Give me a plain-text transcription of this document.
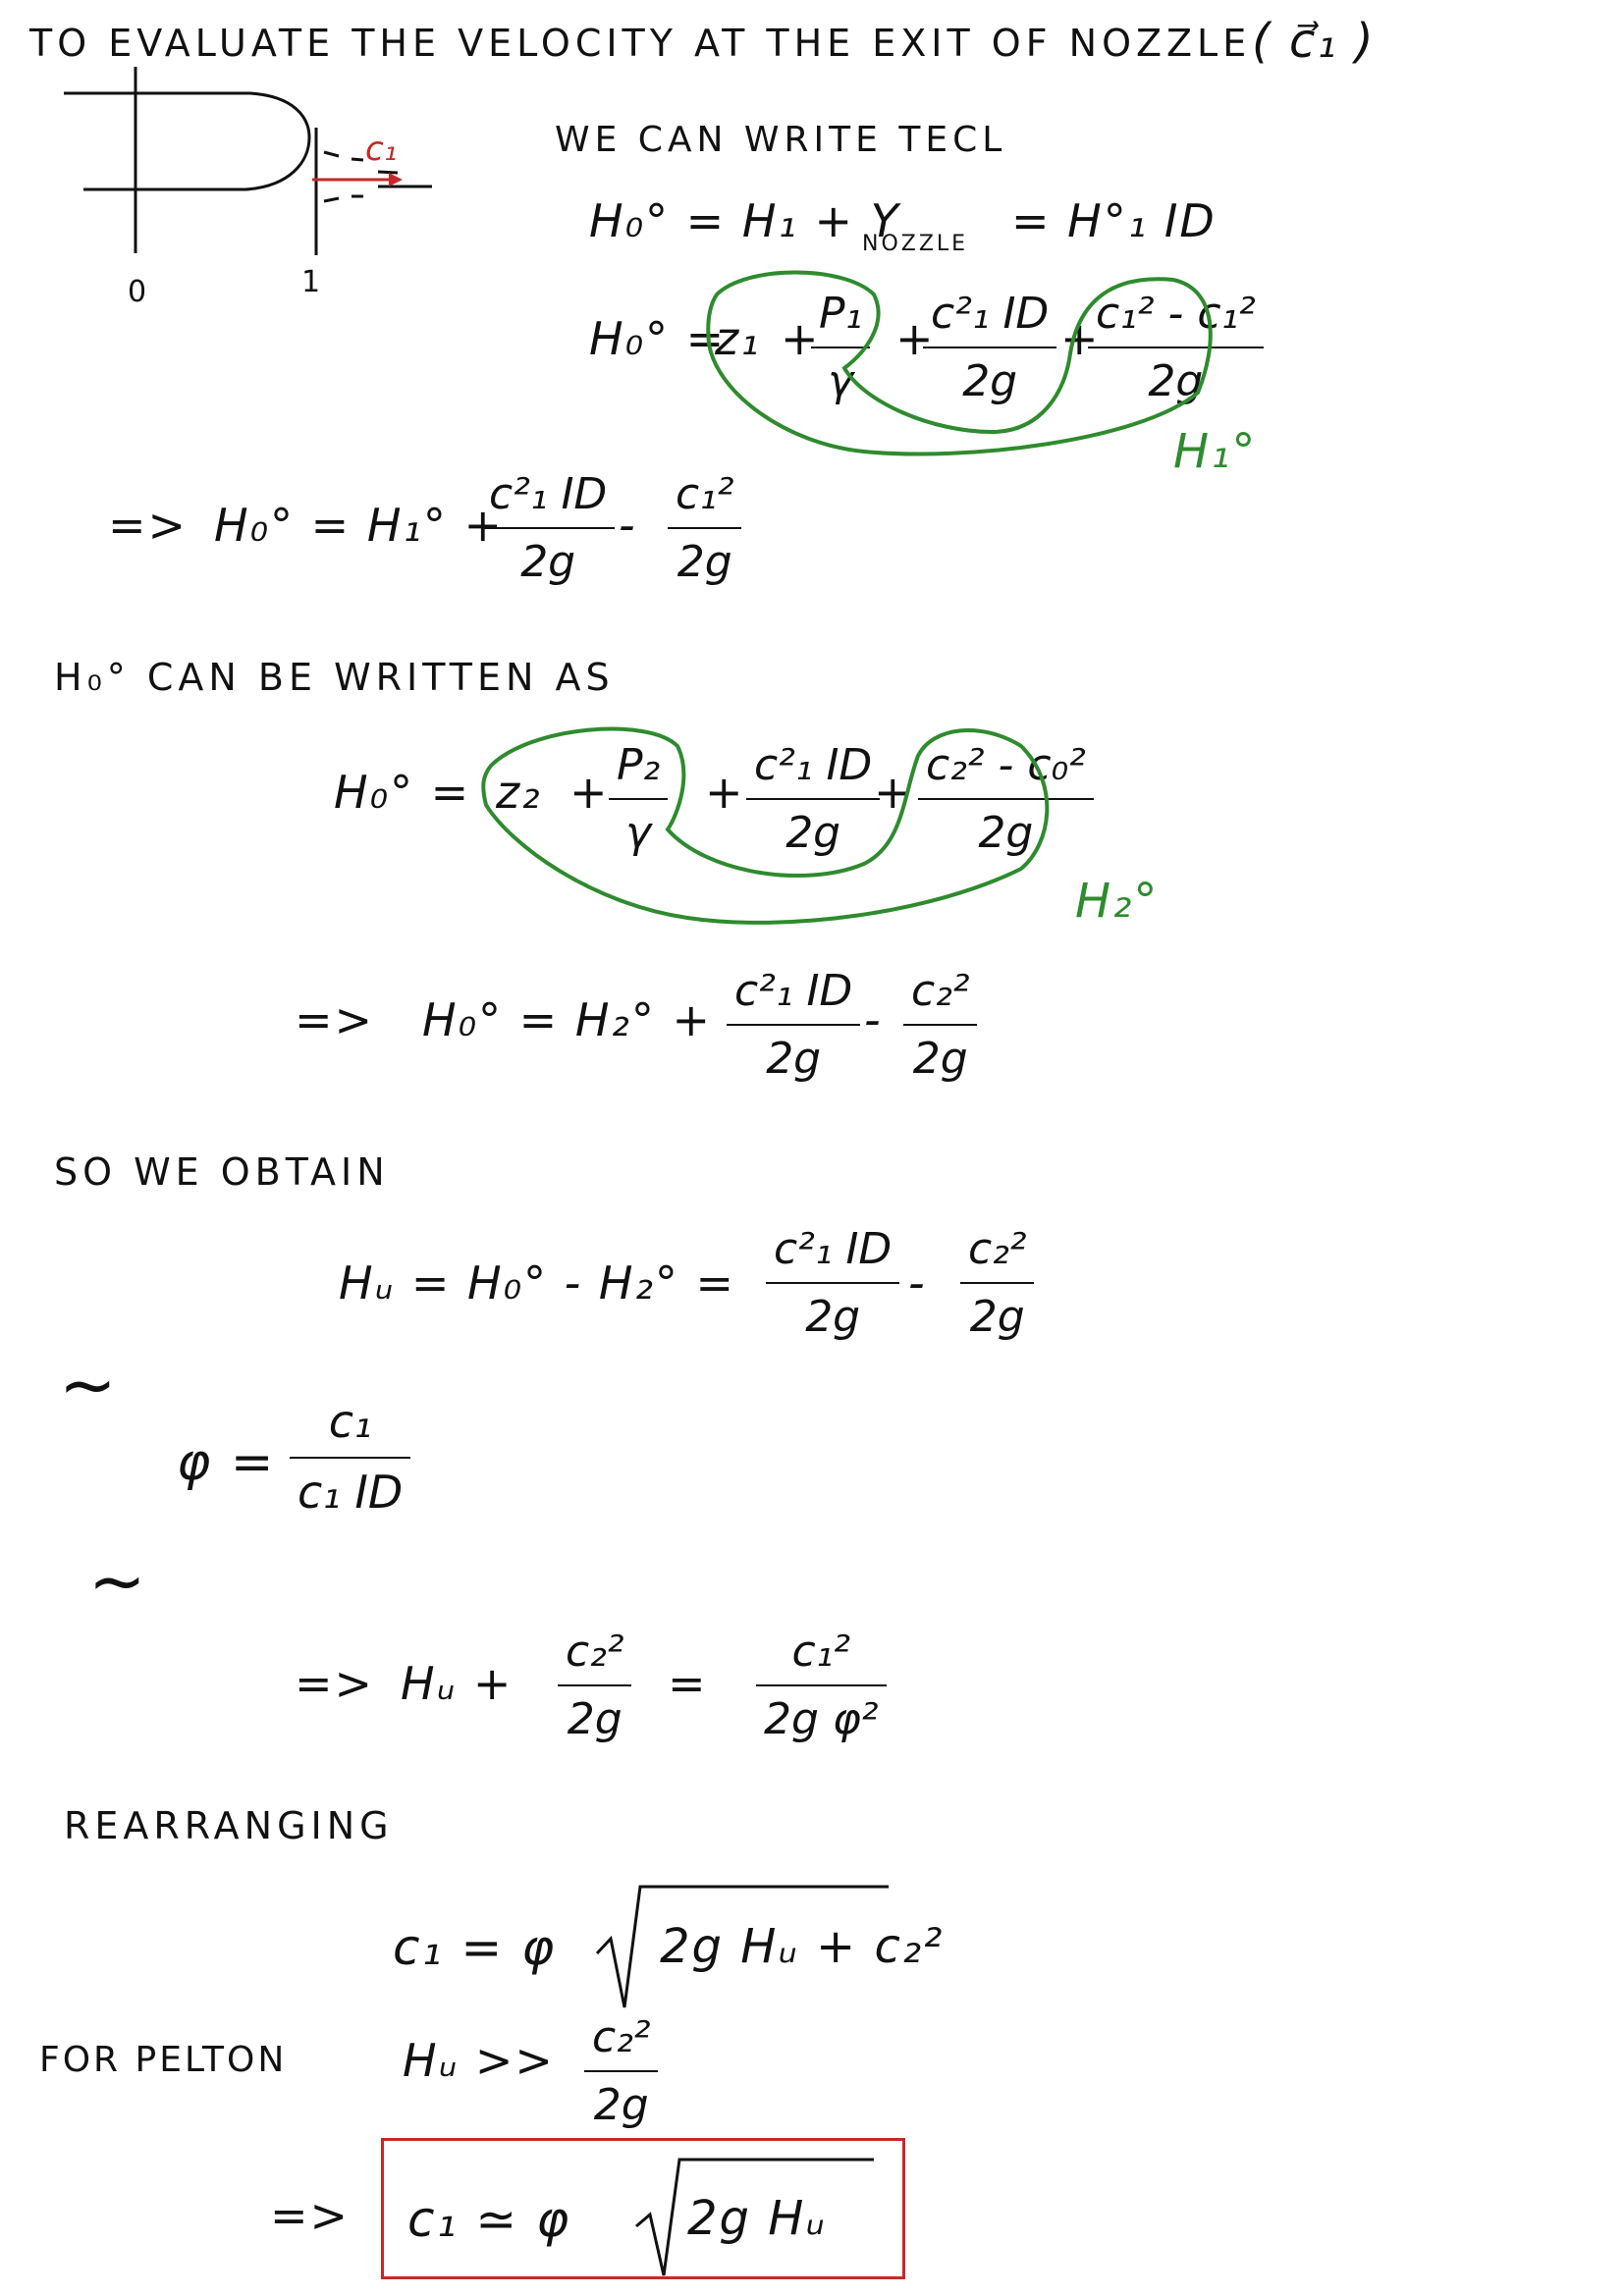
TO EVALUATE THE VELOCITY AT THE EXIT OF NOZZLE ( c⃗₁ )
c₁
0	1
WE CAN WRITE TECL
H₀° = H₁ + Y
NOZZLE = H°₁ ID
H₀° =
z₁ +
P₁
γ
+
c²₁ ID
2g
+
c₁² - c₁²
2g
=> H₀° = H₁° +
c²₁ ID
2g
-
c₁²
2g
H₀° CAN BE WRITTEN AS
H₀° = z₂ +
P₂
γ
+
c²₁ ID
2g
+
c₂² - c₀²
2g
=> H₀° = H₂° +
c²₁ ID
2g
-
c₂²
2g
SO WE OBTAIN
Hᵤ = H₀° - H₂° =
c²₁ ID
2g
-
c₂²
2g
~
φ =
c₁
c₁ ID
~
=> Hᵤ +
c₂²
2g
=
c₁²
2g φ²
REARRANGING
c₁ = φ 2g Hᵤ + c₂²
FOR PELTON	Hᵤ >> c₂²
2g
=> c₁ ≃ φ 2g Hᵤ
H₁°
H₂°
